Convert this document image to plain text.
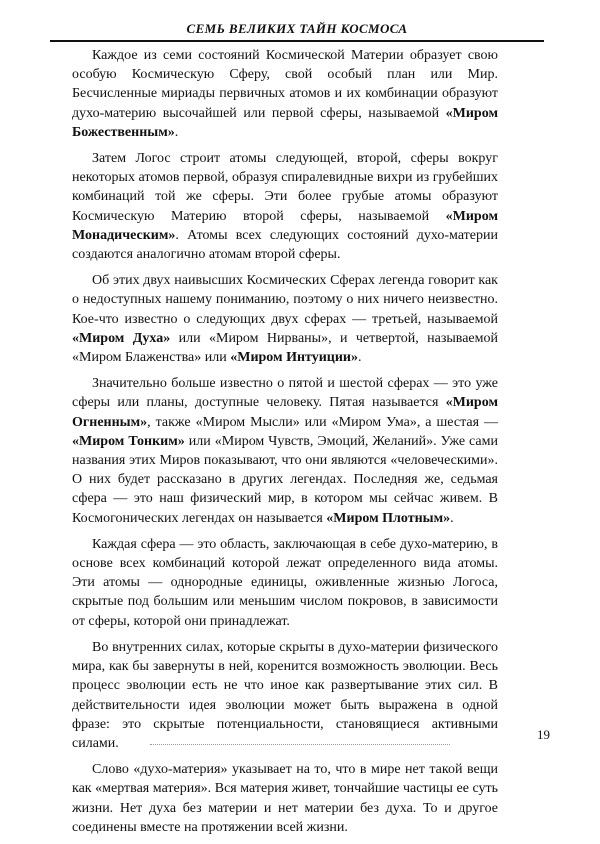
СЕМЬ ВЕЛИКИХ ТАЙН КОСМОСА

Каждое из семи состояний Космической Материи образует свою особую Космическую Сферу, свой особый план или Мир. Бесчисленные мириады первичных атомов и их комбинации образуют духо-материю высочайшей или первой сферы, называемой «Миром Божественным».

Затем Логос строит атомы следующей, второй, сферы вокруг некоторых атомов первой, образуя спиралевидные вихри из грубейших комбинаций той же сферы. Эти более грубые атомы образуют Космическую Материю второй сферы, называемой «Миром Монадическим». Атомы всех следующих состояний духо-материи создаются аналогично атомам второй сферы.

Об этих двух наивысших Космических Сферах легенда говорит как о недоступных нашему пониманию, поэтому о них ничего неизвестно. Кое-что известно о следующих двух сферах — третьей, называемой «Миром Духа» или «Миром Нирваны», и четвертой, называемой «Миром Блаженства» или «Миром Интуиции».

Значительно больше известно о пятой и шестой сферах — это уже сферы или планы, доступные человеку. Пятая называется «Миром Огненным», также «Миром Мысли» или «Миром Ума», а шестая — «Миром Тонким» или «Миром Чувств, Эмоций, Желаний». Уже сами названия этих Миров показывают, что они являются «человеческими». О них будет рассказано в других легендах. Последняя же, седьмая сфера — это наш физический мир, в котором мы сейчас живем. В Космогонических легендах он называется «Миром Плотным».

Каждая сфера — это область, заключающая в себе духо-материю, в основе всех комбинаций которой лежат определенного вида атомы. Эти атомы — однородные единицы, оживленные жизнью Логоса, скрытые под большим или меньшим числом покровов, в зависимости от сферы, которой они принадлежат.

Во внутренних силах, которые скрыты в духо-материи физического мира, как бы завернуты в ней, коренится возможность эволюции. Весь процесс эволюции есть не что иное как развертывание этих сил. В действительности идея эволюции может быть выражена в одной фразе: это скрытые потенциальности, становящиеся активными силами.

Слово «духо-материя» указывает на то, что в мире нет такой вещи как «мертвая материя». Вся материя живет, тончайшие частицы ее суть жизни. Нет духа без материи и нет материи без духа. То и другое соединены вместе на протяжении всей жизни.

19
